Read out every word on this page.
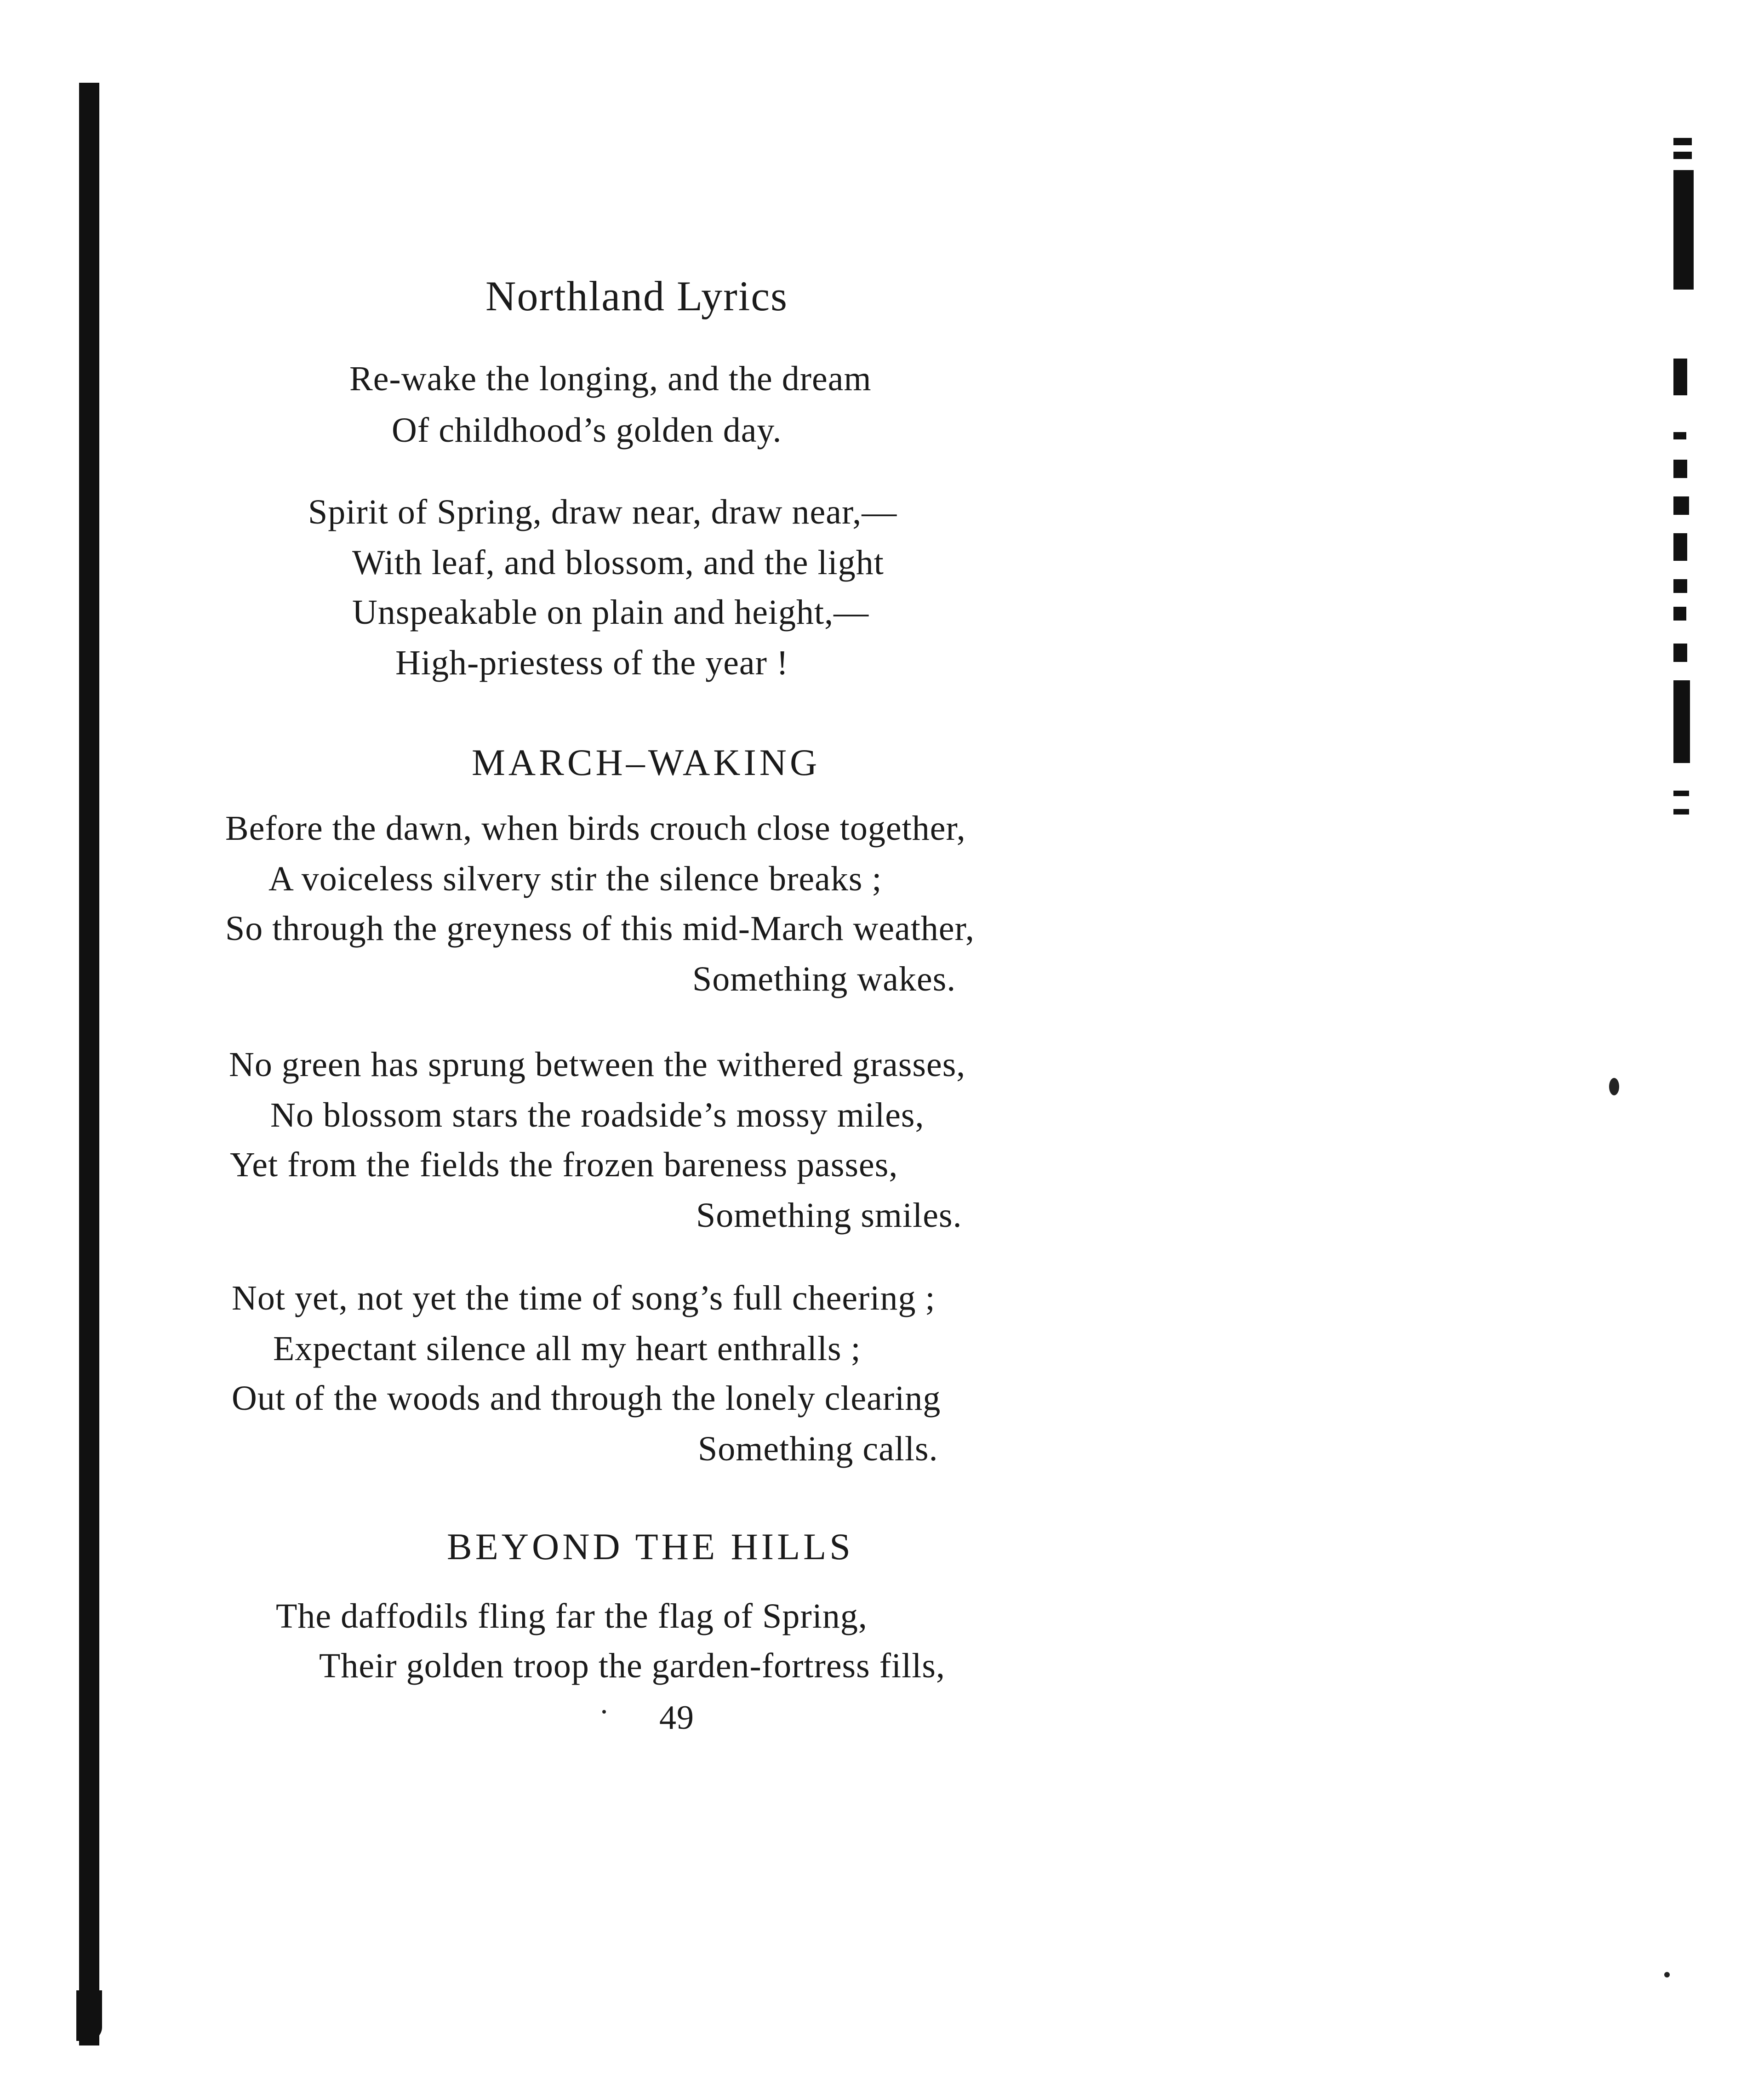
Northland Lyrics
Re-wake the longing, and the dream
Of childhood’s golden day.
Spirit of Spring, draw near, draw near,—
With leaf, and blossom, and the light
Unspeakable on plain and height,—
High-priestess of the year !
MARCH–WAKING
Before the dawn, when birds crouch close together,
A voiceless silvery stir the silence breaks ;
So through the greyness of this mid-March weather,
Something wakes.
No green has sprung between the withered grasses,
No blossom stars the roadside’s mossy miles,
Yet from the fields the frozen bareness passes,
Something smiles.
Not yet, not yet the time of song’s full cheering ;
Expectant silence all my heart enthralls ;
Out of the woods and through the lonely clearing
Something calls.
BEYOND THE HILLS
The daffodils fling far the flag of Spring,
Their golden troop the garden-fortress fills,
49
